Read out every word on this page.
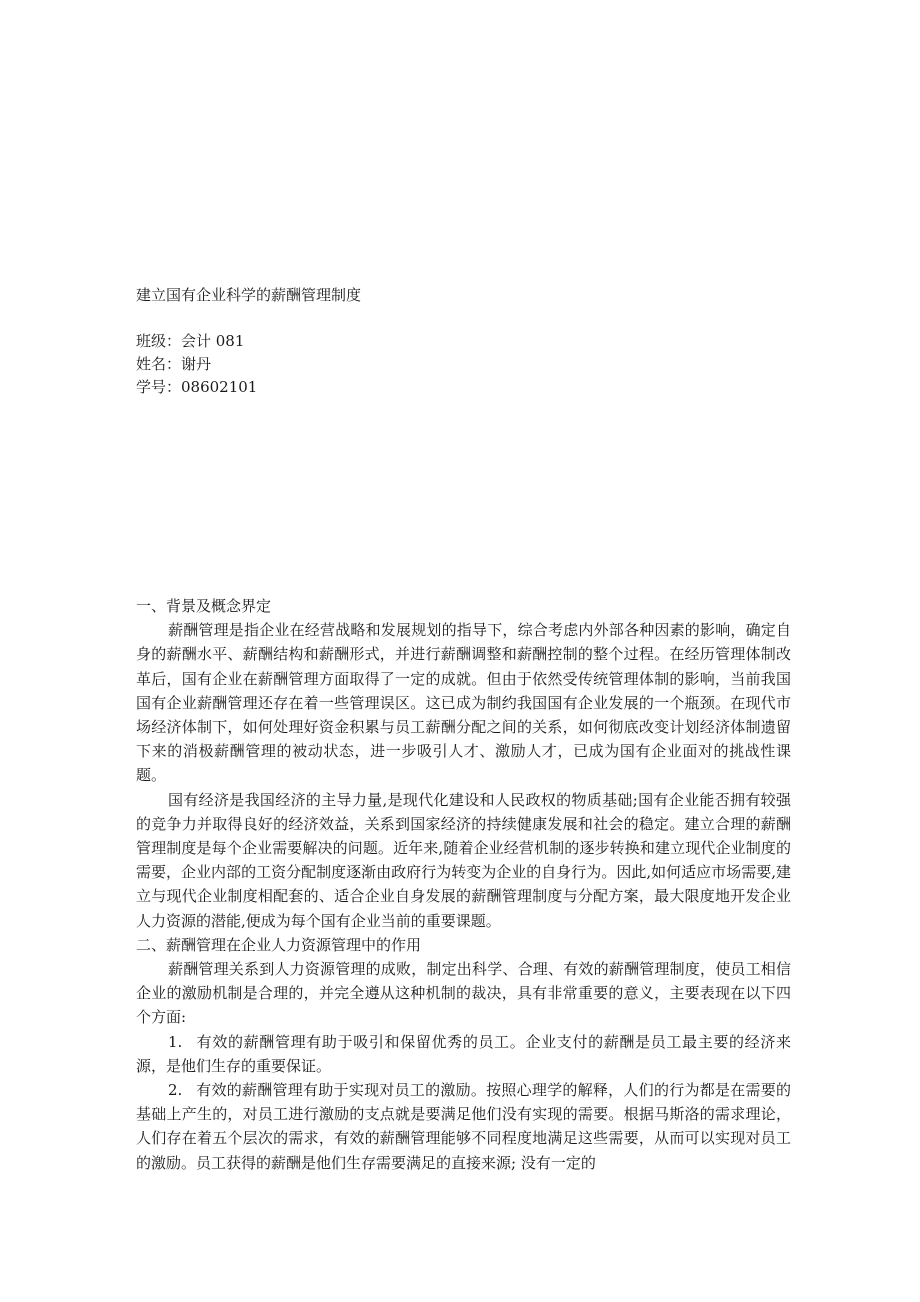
建立国有企业科学的薪酬管理制度
班级：会计 081
姓名：谢丹
学号：08602101
一、背景及概念界定

薪酬管理是指企业在经营战略和发展规划的指导下，综合考虑内外部各种因素的影响，确定自身的薪酬水平、薪酬结构和薪酬形式，并进行薪酬调整和薪酬控制的整个过程。在经历管理体制改革后，国有企业在薪酬管理方面取得了一定的成就。但由于依然受传统管理体制的影响，当前我国国有企业薪酬管理还存在着一些管理误区。这已成为制约我国国有企业发展的一个瓶颈。在现代市场经济体制下，如何处理好资金积累与员工薪酬分配之间的关系，如何彻底改变计划经济体制遗留下来的消极薪酬管理的被动状态，进一步吸引人才、激励人才，已成为国有企业面对的挑战性课题。

国有经济是我国经济的主导力量,是现代化建设和人民政权的物质基础;国有企业能否拥有较强的竞争力并取得良好的经济效益，关系到国家经济的持续健康发展和社会的稳定。建立合理的薪酬管理制度是每个企业需要解决的问题。近年来,随着企业经营机制的逐步转换和建立现代企业制度的需要，企业内部的工资分配制度逐渐由政府行为转变为企业的自身行为。因此,如何适应市场需要,建立与现代企业制度相配套的、适合企业自身发展的薪酬管理制度与分配方案，最大限度地开发企业人力资源的潜能,便成为每个国有企业当前的重要课题。

二、薪酬管理在企业人力资源管理中的作用

薪酬管理关系到人力资源管理的成败，制定出科学、合理、有效的薪酬管理制度，使员工相信企业的激励机制是合理的，并完全遵从这种机制的裁决，具有非常重要的意义，主要表现在以下四个方面:

1. 有效的薪酬管理有助于吸引和保留优秀的员工。企业支付的薪酬是员工最主要的经济来源，是他们生存的重要保证。

2. 有效的薪酬管理有助于实现对员工的激励。按照心理学的解释，人们的行为都是在需要的基础上产生的，对员工进行激励的支点就是要满足他们没有实现的需要。根据马斯洛的需求理论，人们存在着五个层次的需求，有效的薪酬管理能够不同程度地满足这些需要，从而可以实现对员工的激励。员工获得的薪酬是他们生存需要满足的直接来源; 没有一定的
